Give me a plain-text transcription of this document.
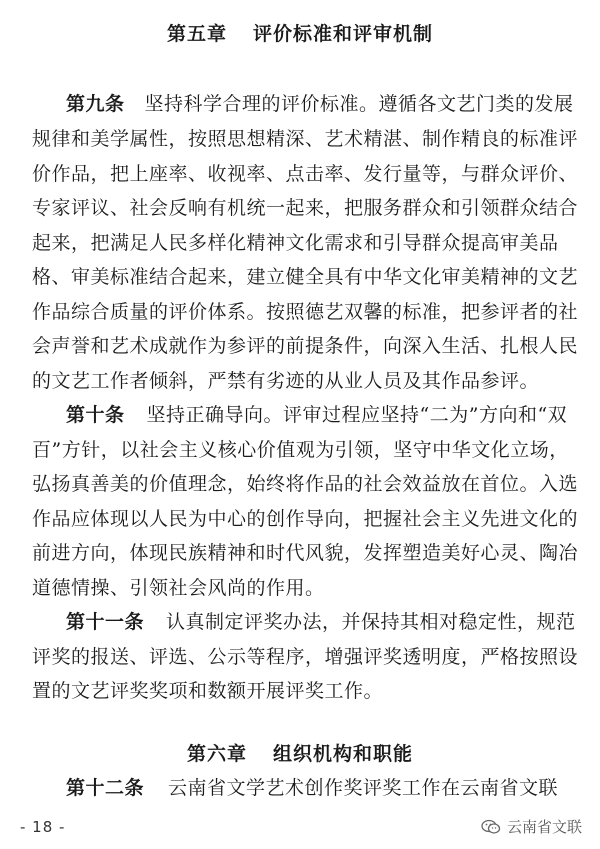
第五章 评价标准和评审机制
第九条 坚持科学合理的评价标准。遵循各文艺门类的发展
规律和美学属性，按照思想精深、艺术精湛、制作精良的标准评
价作品，把上座率、收视率、点击率、发行量等，与群众评价、
专家评议、社会反响有机统一起来，把服务群众和引领群众结合
起来，把满足人民多样化精神文化需求和引导群众提高审美品
格、审美标准结合起来，建立健全具有中华文化审美精神的文艺
作品综合质量的评价体系。按照德艺双馨的标准，把参评者的社
会声誉和艺术成就作为参评的前提条件，向深入生活、扎根人民
的文艺工作者倾斜，严禁有劣迹的从业人员及其作品参评。
第十条 坚持正确导向。评审过程应坚持“二为”方向和“双
百”方针，以社会主义核心价值观为引领，坚守中华文化立场，
弘扬真善美的价值理念，始终将作品的社会效益放在首位。入选
作品应体现以人民为中心的创作导向，把握社会主义先进文化的
前进方向，体现民族精神和时代风貌，发挥塑造美好心灵、陶冶
道德情操、引领社会风尚的作用。
第十一条 认真制定评奖办法，并保持其相对稳定性，规范
评奖的报送、评选、公示等程序，增强评奖透明度，严格按照设
置的文艺评奖奖项和数额开展评奖工作。
第六章 组织机构和职能
第十二条 云南省文学艺术创作奖评奖工作在云南省文联
- 18 -	云南省文联
